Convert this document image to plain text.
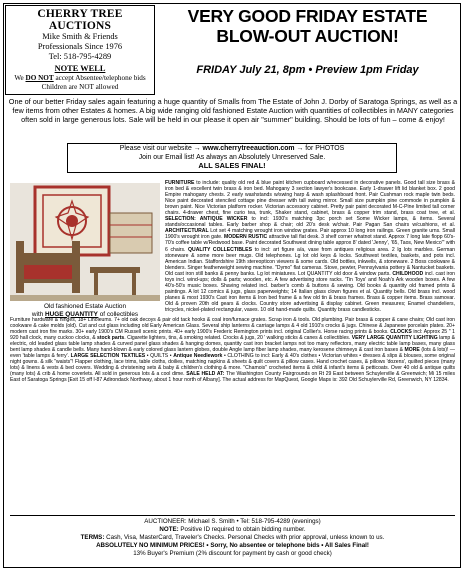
CHERRY TREE AUCTIONS
Mike Smith & Friends
Professionals Since 1976
Tel: 518-795-4289
NOTE WELL
We DO NOT accept Absentee/telephone bids
Children are NOT allowed
VERY GOOD FRIDAY ESTATE
BLOW-OUT AUCTION!
FRIDAY July 21, 8pm • Preview 1pm Friday
One of our better Friday sales again featuring a huge quantity of Smalls from The Estate of John J. Dorby of Saratoga Springs, as well as a few items from other Estates & homes. A big wide ranging old fashioned Estate Auction with quantities of collectibles in MANY categories often sold in large generous lots. Sale will be held in our please it open air "summer" building. Should be lots of fun – come & enjoy!
Please visit our website → www.cherrytreeauction.com → for PHOTOS
Join our Email list! As always an Absolutely Unreserved Sale.
ALL SALES FINAL!
Old fashioned Estate Auction
with HUGE QUANTITY of collectibles
FURNITURE to include: quality old red & blue paint kitchen cupboard w/recessed in decorative panels. Good tall size brass & iron bed & excellent twin brass & iron bed. Mahogany 3 section lawyer's bookcase. Early 1-drawer lift lid blanket box. 2 good Empire mahogany chests. 2 early washstands w/swing harp & wash splashboard front. Pair Cushman rock maple twin beds. Nice paint decorated stenciled cottage pine dresser with tall swing mirror. Small size pumpkin pine commode in pumpkin & brown paint. Nice Victorian platform rocker. Victorian accessory cabinet. Pretty pair paint decorated M-C-Pine limited tall corner chairs. 4-drawer chest, fine curio tea, trunk, Shaker stand, cabinet, brass & copper trim stand, brass coat tree, et al. SELECTION: ANTIQUE WICKER to incl: 1930's matching 3pc porch set Some Wicker lamps, & items. Several stands/occasional tables. Early barber shop & chair; old 20's desk w/chair. Pair Pagan San chairs w/cushions, et al. ARCHITECTURAL Lot set 4 matching wrought iron window grates. Pair approx 10 long iron railings. Green granite urns. Small 1900's wrought iron gate. MODERN RUSTIC attractive tall flat desk. 3 shelf corner whatnot stand. Approx 7 long late flopp 60's-70's coffee table w/Redwood base. Paint decorated Southwest dining table approx 8' dated 'Jenny', '65, Taos, New Mexico'" with 6 chairs. QUALITY COLLECTIBLES to incl: art figure a/a, vase from antiques religious area. 2 lg lots marbles. German stoneware & some more beer mugs. Old telephones. Lg lot old keys & locks. Southwest textiles, baskets, and pots incl. American Indian. Staffordshire 19th stereopticon viewers & some cards. Old bottles, inkwells, & stoneware. 2 Boss cookware & blenders. Singer featherweight sewing machine. "Dymo" flat cameras. Stove, pewter, Pennsylvania pottery & Nantucket baskets. Old cast iron still banks & penny banks. Lg lot miniatures. Lot QUANTITY old door & window parts. CHILDHOOD incl. cast iron toys incl. wind-ups; dolls & parts; wooden, etc. A few advertising store racks. 'Tin Toys' and Noah's Ark wooden boxes. A few 40's-50's music boxes. Shaving related incl. barber's comb & buttons & sewing. Old books & quantity old framed prints & paintings. A lot 12 comics & jugs, glass paperweights; 14 Italian glass clown figures et al. Quantity bells. Old brass incl. wood planes & most 1930's Cast iron items & Iron bed frame & a few old tin & brass frames. Brass & copper items. Brass samovar. Old & proven 20th old gears & clocks. Country store advertising & display cabinet. Green measures; Enamel chandeliers, tricycles, nickel-plated rectangular, vases. 10 old hand-made quilts. Quantity brass candlesticks.
Furniture hardware & hinges, 18+ Linoleums. 7+ old oak decoys & pair old tack hooks & coal iron/furnace grates. Scrap iron & tools. Old plumbing. Pair brass & copper & cane chairs; Old cast iron cookware & cake molds (old). Cut and cut glass including old Early American Glass. Several ship lanterns & carriage lamps & 4 old 1910's crocks & jugs. Chinese & Japanese porcelain plates. 20+ modern cast iron fire marks. 30+ early 1900's CM Russell scenic prints. 40+ early 1900's Frederic Remington prints incl. original Collier's. Horse racing prints & books. CLOCKS incl: Approx 25 " 1 920 hall clock, many cuckoo clocks, & stock parts. Cigarette lighters, tins, & smoking related. Crocks & jugs, 20 ' walking sticks & canes & collectibles. VERY LARGE QUANTITY LIGHTING lamp & electric, old leaded glass table lamp shades & curved panel glass shades & hanging domes, quantity cast iron bracket lamps not too many reflectors, many electric table lamp bases, many glass bent lamp shades & candle bells. Many hand-blown & early colored glass lantern globes, double Angle lamp fiber lamp shades, many kerosene chimneys & cast iron bases & MORE (lots & lots)! — even 'table lamps & ferry'. LARGE SELECTION TEXTILES • QUILTS • Antique Needlework • CLOTHING to incl: Early & 40's clothes • Victorian whites • dresses & slips & blouses, some original night gowns. & silk "waists"! Flapper clothing, lace trims, table cloths, doilies, matching napkins & sheets & quilt covers & pillow cases. Hand crochet cases, & pillows 'dozens', quilted pieces (many lots) & linens & vests & bed covers. Wedding & christening sets & baby & children's clothing & more. "Chamois" crocheted items & child & infant's items & petticoats. Over 40 old & antique quilts (many lots) & crib & home coverlets. All sold in generous lots & a cool dime. SALE HELD AT: The Washington County Fairgrounds on Rt 29 East between Schuylerville & Greenwich; Mi 15 miles East of Saratoga Springs [Exit 15 off I-87 Adirondack Northway, about 1 hour north of Albany]. The actual address for MapQuest, Google Maps is: 392 Old Schuylerville Rd, Greenwich, NY 12834.
AUCTIONEER: Michael S. Smith • Tel: 518-795-4289 (evenings)
NOTE: Positive ID required to obtain bidding number.
TERMS: Cash, Visa, MasterCard, Traveler's Checks. Personal Checks with prior approval, unless known to us.
ABSOLUTELY NO MINIMUM PRICES! • Sorry, No absentee or telephone bids • All Sales Final!
13% Buyer's Premium (2% discount for payment by cash or good check)
